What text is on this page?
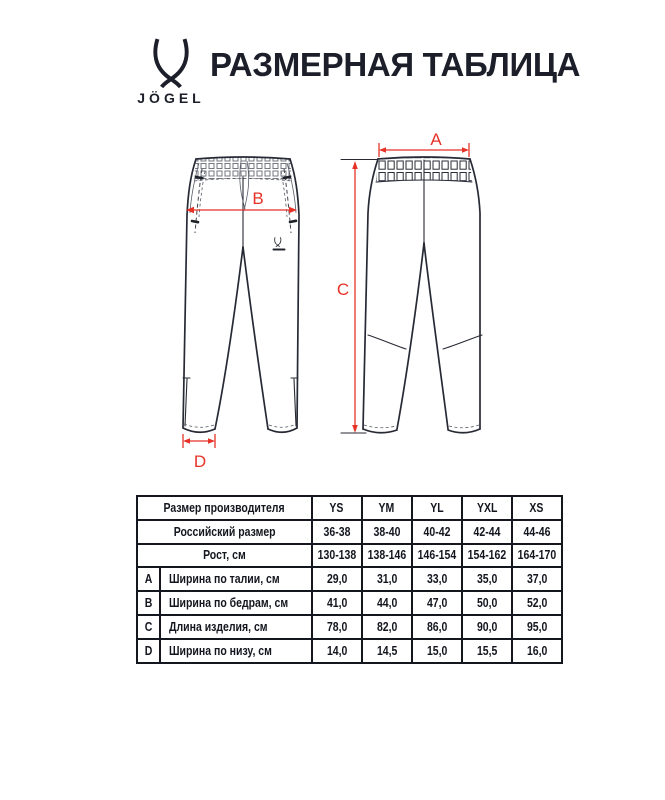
JÖGEL
РАЗМЕРНАЯ ТАБЛИЦА
B
D
A
C
Размер производителя		YS	YM	YL	YXL	XS
Российский размер		36-38	38-40	40-42	42-44	44-46
Рост, см		130-138	138-146	146-154	154-162	164-170
A	Ширина по талии, см	29,0	31,0	33,0	35,0	37,0
B	Ширина по бедрам, см	41,0	44,0	47,0	50,0	52,0
C	Длина изделия, см	78,0	82,0	86,0	90,0	95,0
D	Ширина по низу, см	14,0	14,5	15,0	15,5	16,0
